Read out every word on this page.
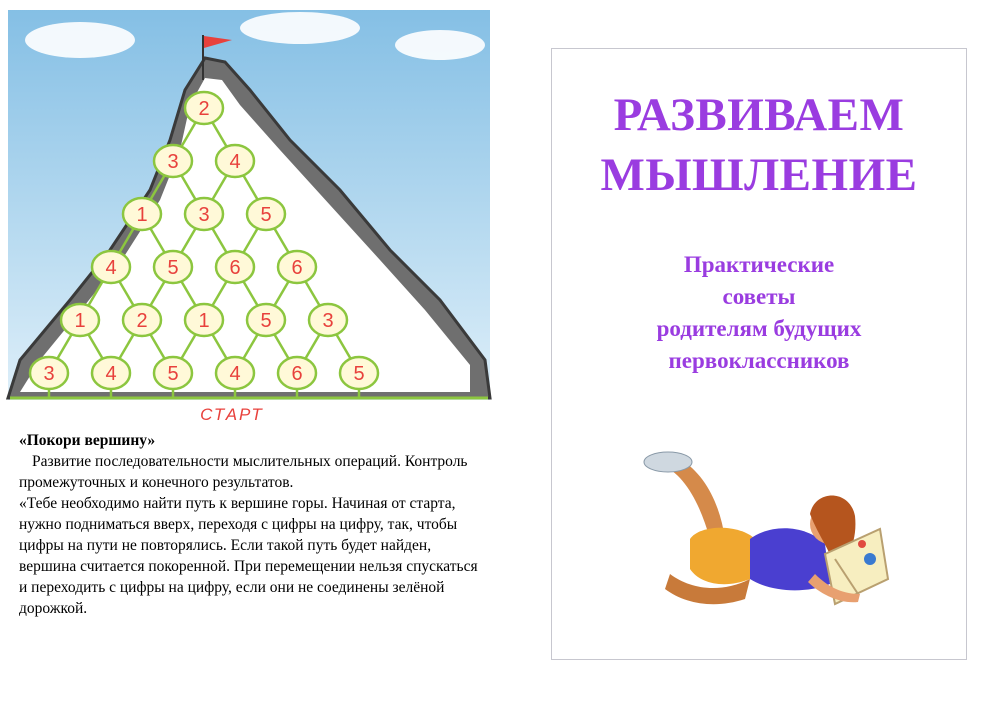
2
3	4
1	3	5
4	5	6	6
1	2	1	5	3
3	4	5	4	6	5
СТАРТ

«Покори вершину»

Развитие последовательности мыслительных операций. Контроль промежуточных и конечного результатов.

«Тебе необходимо найти путь к вершине горы. Начиная от старта, нужно подниматься вверх, переходя с цифры на цифру, так, чтобы цифры на пути не повторялись. Если такой путь будет найден, вершина считается покоренной. При перемещении нельзя спускаться и переходить с цифры на цифру, если они не соединены зелёной дорожкой.

РАЗВИВАЕМ
МЫШЛЕНИЕ
Практические
советы
родителям будущих
первоклассников
